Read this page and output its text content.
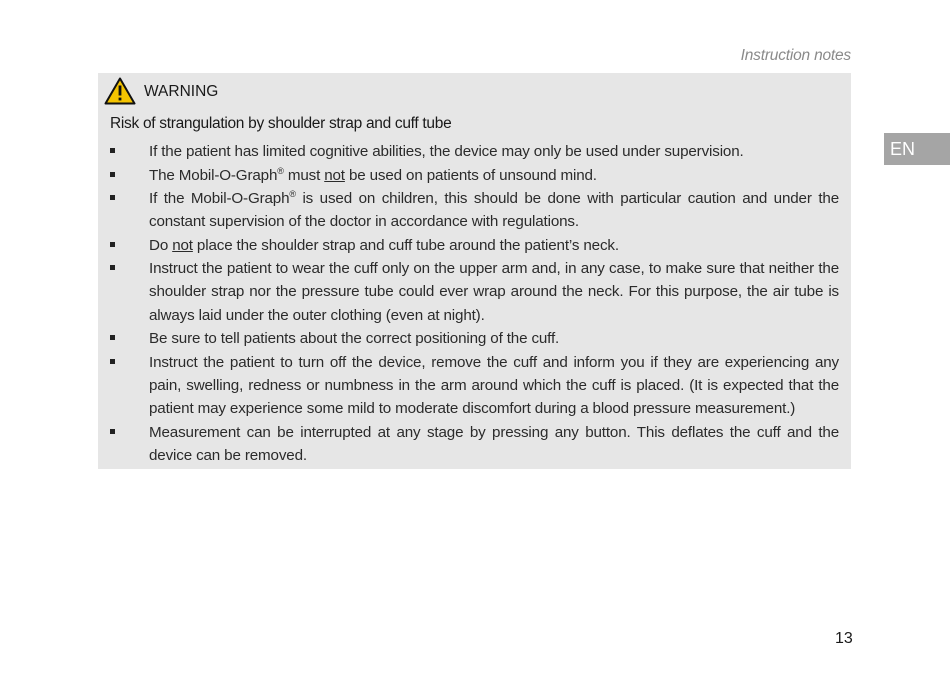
Instruction notes
EN
WARNING
Risk of strangulation by shoulder strap and cuff tube
If the patient has limited cognitive abilities, the device may only be used under supervision.
The Mobil-O-Graph® must not be used on patients of unsound mind.
If the Mobil-O-Graph® is used on children, this should be done with particular caution and under the constant supervision of the doctor in accordance with regulations.
Do not place the shoulder strap and cuff tube around the patient’s neck.
Instruct the patient to wear the cuff only on the upper arm and, in any case, to make sure that neither the shoulder strap nor the pressure tube could ever wrap around the neck. For this purpose, the air tube is always laid under the outer clothing (even at night).
Be sure to tell patients about the correct positioning of the cuff.
Instruct the patient to turn off the device, remove the cuff and inform you if they are experiencing any pain, swelling, redness or numbness in the arm around which the cuff is placed. (It is expected that the patient may experience some mild to moderate discomfort during a blood pressure measurement.)
Measurement can be interrupted at any stage by pressing any button. This deflates the cuff and the device can be removed.
13
